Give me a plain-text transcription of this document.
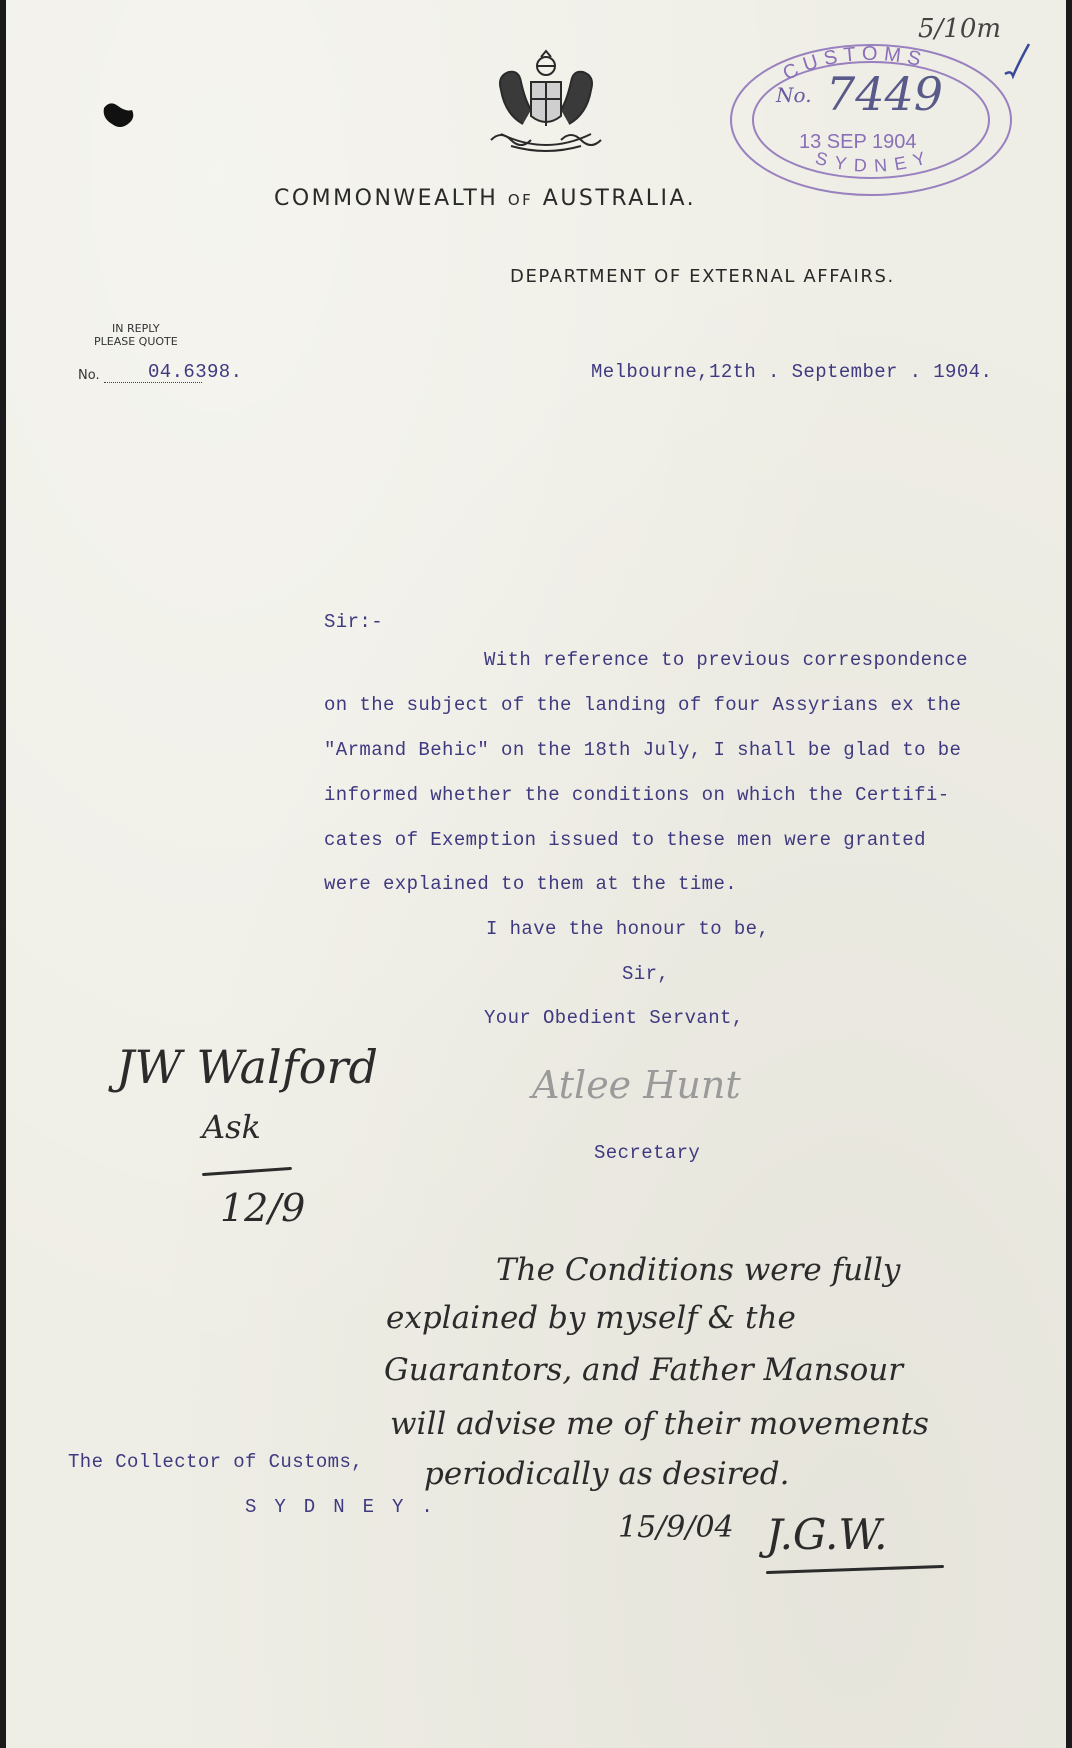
COMMONWEALTH OF AUSTRALIA.
DEPARTMENT OF EXTERNAL AFFAIRS.
IN REPLY
PLEASE QUOTE
No.	04.6398.	Melbourne,12th . September . 1904.
Sir:-
With reference to previous correspondence
on the subject of the landing of four Assyrians ex the
"Armand Behic" on the 18th July, I shall be glad to be
informed whether the conditions on which the Certifi-
cates of Exemption issued to these men were granted
were explained to them at the time.
I have the honour to be,
Sir,
Your Obedient Servant,
Atlee Hunt
Secretary
JW Walford
Ask
12/9
The Conditions were fully
explained by myself & the
Guarantors, and Father Mansour
will advise me of their movements
periodically as desired.
15/9/04 J.G.W.
The Collector of Customs,
SYDNEY.
5/10m
CUSTOMS
SYDNEY
No. 7449
13 SEP 1904
